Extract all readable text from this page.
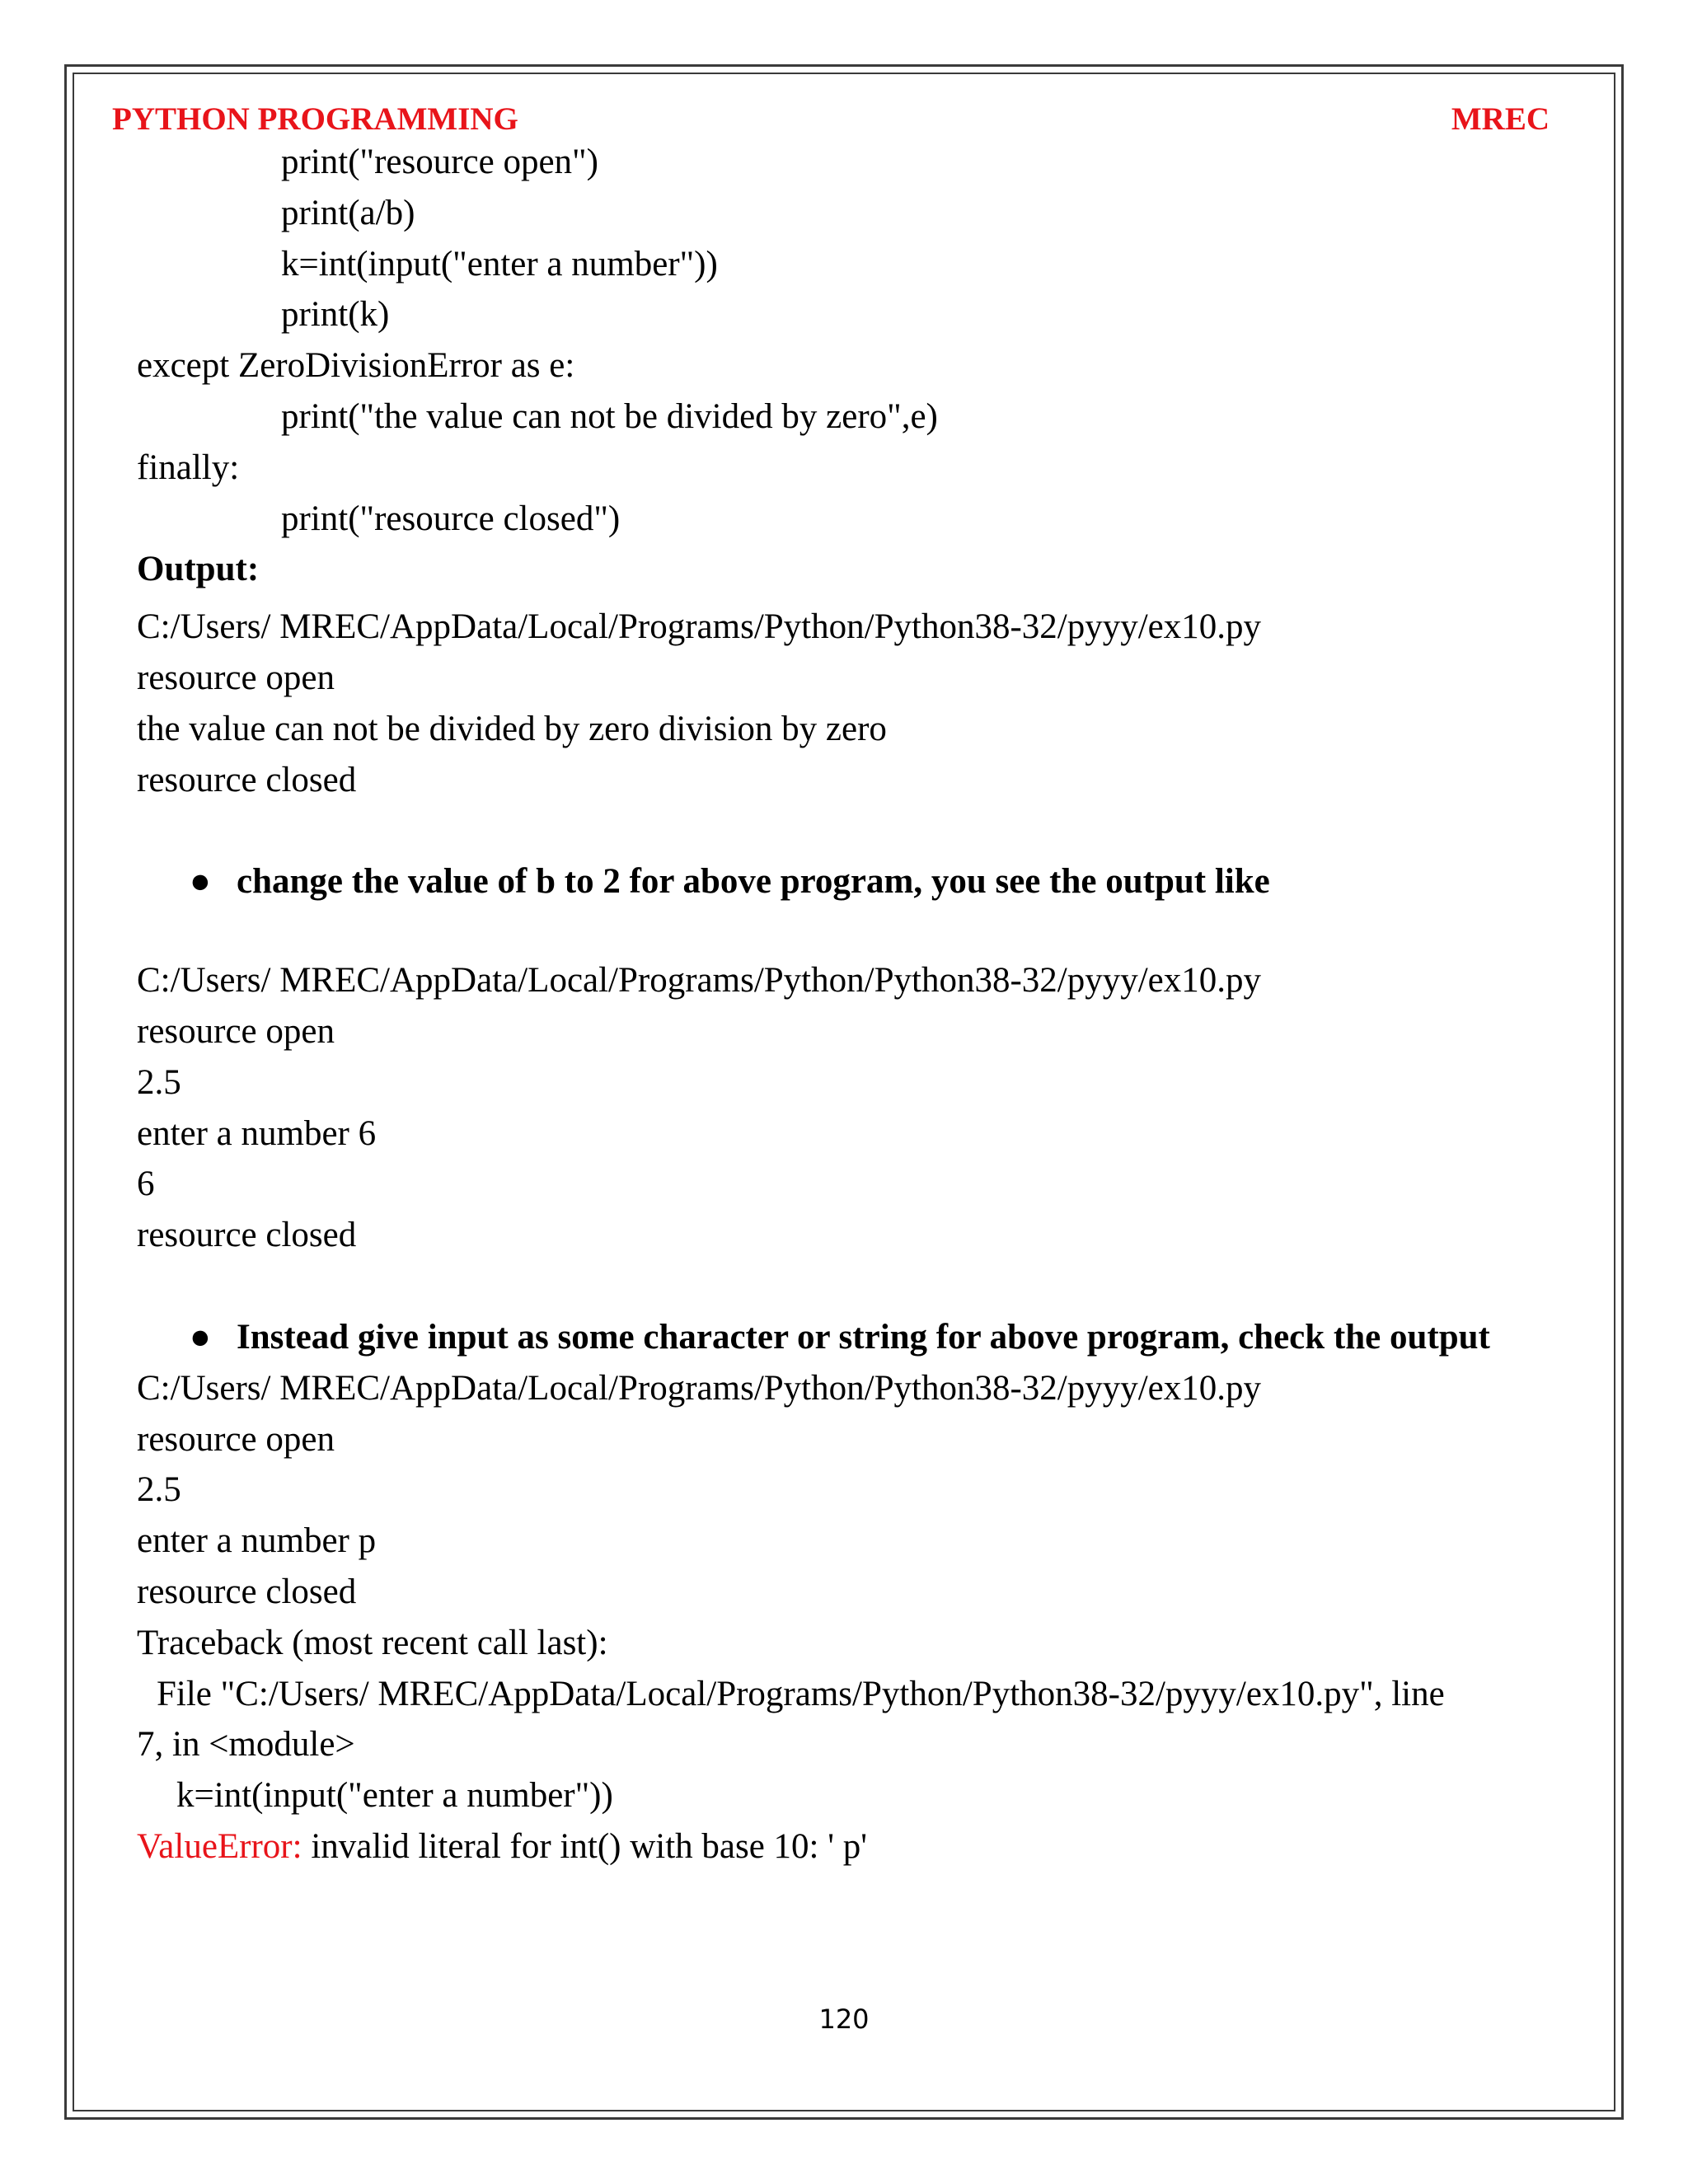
PYTHON PROGRAMMING	MREC
print("resource open")
print(a/b)
k=int(input("enter a number"))
print(k)
except ZeroDivisionError as e:
print("the value can not be divided by zero",e)
finally:
print("resource closed")
Output:
C:/Users/ MREC/AppData/Local/Programs/Python/Python38-32/pyyy/ex10.py
resource open
the value can not be divided by zero division by zero
resource closed
● change the value of b to 2 for above program, you see the output like
C:/Users/ MREC/AppData/Local/Programs/Python/Python38-32/pyyy/ex10.py
resource open
2.5
enter a number 6
6
resource closed
● Instead give input as some character or string for above program, check the output
C:/Users/ MREC/AppData/Local/Programs/Python/Python38-32/pyyy/ex10.py
resource open
2.5
enter a number p
resource closed
Traceback (most recent call last):
File "C:/Users/ MREC/AppData/Local/Programs/Python/Python38-32/pyyy/ex10.py", line
7, in <module>
k=int(input("enter a number"))
ValueError: invalid literal for int() with base 10: ' p'
120
